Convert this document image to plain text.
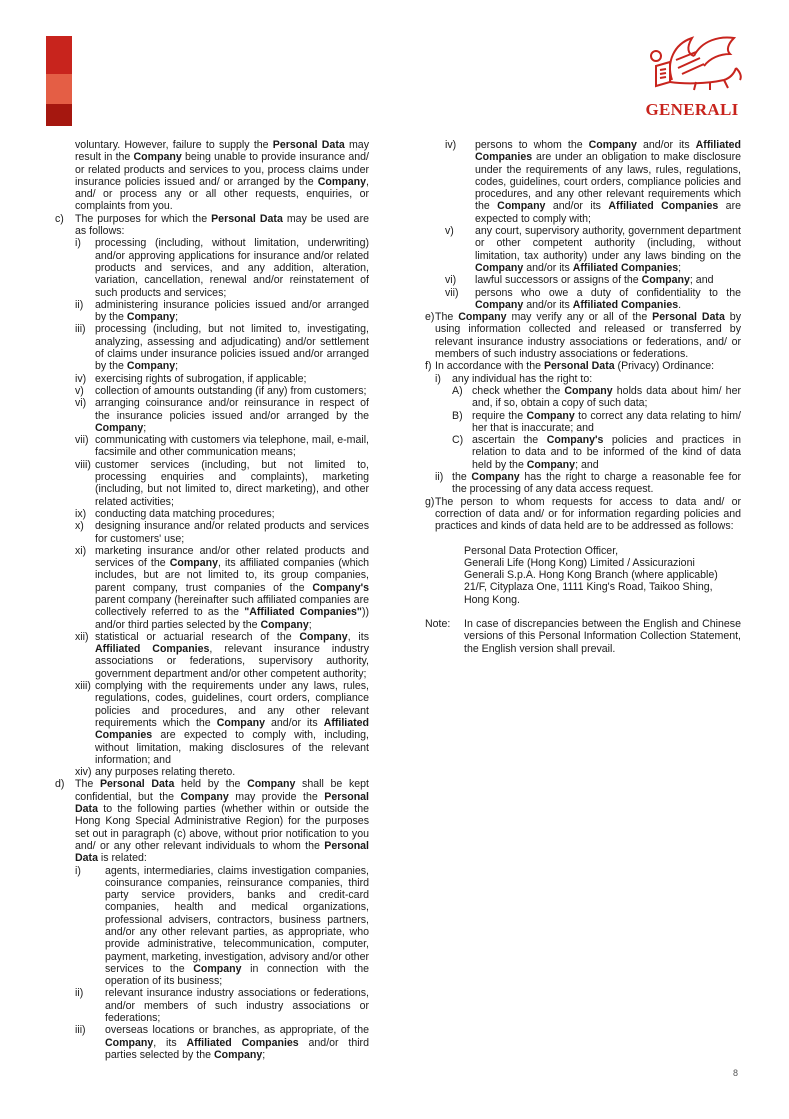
GENERALI
voluntary. However, failure to supply the Personal Data may result in the Company being unable to provide insurance and/ or related products and services to you, process claims under insurance policies issued and/ or arranged by the Company, and/ or process any or all other requests, enquiries, or complaints from you.
c)	The purposes for which the Personal Data may be used are as follows:
i)	processing (including, without limitation, underwriting) and/or approving applications for insurance and/or related products and services, and any addition, alteration, variation, cancellation, renewal and/or reinstatement of such products and services;
ii)	administering insurance policies issued and/or arranged by the Company;
iii) processing (including, but not limited to, investigating, analyzing, assessing and adjudicating) and/or settlement of claims under insurance policies issued and/or arranged by the Company;
iv) exercising rights of subrogation, if applicable;
v)	collection of amounts outstanding (if any) from customers;
vi) arranging coinsurance and/or reinsurance in respect of the insurance policies issued and/or arranged by the Company;
vii) communicating with customers via telephone, mail, e-mail, facsimile and other communication means;
viii) customer services (including, but not limited to, processing enquiries and complaints), marketing (including, but not limited to, direct marketing), and other related activities;
ix) conducting data matching procedures;
x)	designing insurance and/or related products and services for customers' use;
xi) marketing insurance and/or other related products and services of the Company, its affiliated companies (which includes, but are not limited to, its group companies, parent company, trust companies of the Company's parent company (hereinafter such affiliated companies are collectively referred to as the "Affiliated Companies")) and/or third parties selected by the Company;
xii) statistical or actuarial research of the Company, its Affiliated Companies, relevant insurance industry associations or federations, supervisory authority, government department and/or other competent authority;
xiii) complying with the requirements under any laws, rules, regulations, codes, guidelines, court orders, compliance policies and procedures, and any other relevant requirements which the Company and/or its Affiliated Companies are expected to comply with, including, without limitation, making disclosures of the relevant information; and
xiv) any purposes relating thereto.
d) The Personal Data held by the Company shall be kept confidential, but the Company may provide the Personal Data to the following parties (whether within or outside the Hong Kong Special Administrative Region) for the purposes set out in paragraph (c) above, without prior notification to you and/ or any other relevant individuals to whom the Personal Data is related:
i)	agents, intermediaries, claims investigation companies, coinsurance companies, reinsurance companies, third party service providers, banks and credit-card companies, health and medical organizations, professional advisers, contractors, business partners, and/or any other relevant parties, as appropriate, who provide administrative, telecommunication, computer, payment, marketing, investigation, advisory and/or other services to the Company in connection with the operation of its business;
ii)	relevant insurance industry associations or federations, and/or members of such industry associations or federations;
iii)	overseas locations or branches, as appropriate, of the Company, its Affiliated Companies and/or third parties selected by the Company;
iv)	persons to whom the Company and/or its Affiliated Companies are under an obligation to make disclosure under the requirements of any laws, rules, regulations, codes, guidelines, court orders, compliance policies and procedures, and any other relevant requirements which the Company and/or its Affiliated Companies are expected to comply with;
v)	any court, supervisory authority, government department or other competent authority (including, without limitation, tax authority) under any laws binding on the Company and/or its Affiliated Companies;
vi)	lawful successors or assigns of the Company; and
vii)	persons who owe a duty of confidentiality to the Company and/or its Affiliated Companies.
e) The Company may verify any or all of the Personal Data by using information collected and released or transferred by relevant insurance industry associations or federations, and/ or members of such industry associations or federations.
f) In accordance with the Personal Data (Privacy) Ordinance:
i)	any individual has the right to:
A) check whether the Company holds data about him/ her and, if so, obtain a copy of such data;
B) require the Company to correct any data relating to him/ her that is inaccurate; and
C) ascertain the Company's policies and practices in relation to data and to be informed of the kind of data held by the Company; and
ii) the Company has the right to charge a reasonable fee for the processing of any data access request.
g) The person to whom requests for access to data and/ or correction of data and/ or for information regarding policies and practices and kinds of data held are to be addressed as follows:
Personal Data Protection Officer,
Generali Life (Hong Kong) Limited / Assicurazioni
Generali S.p.A. Hong Kong Branch (where applicable)
21/F, Cityplaza One, 1111 King's Road, Taikoo Shing,
Hong Kong.
Note:	In case of discrepancies between the English and Chinese versions of this Personal Information Collection Statement, the English version shall prevail.
8
